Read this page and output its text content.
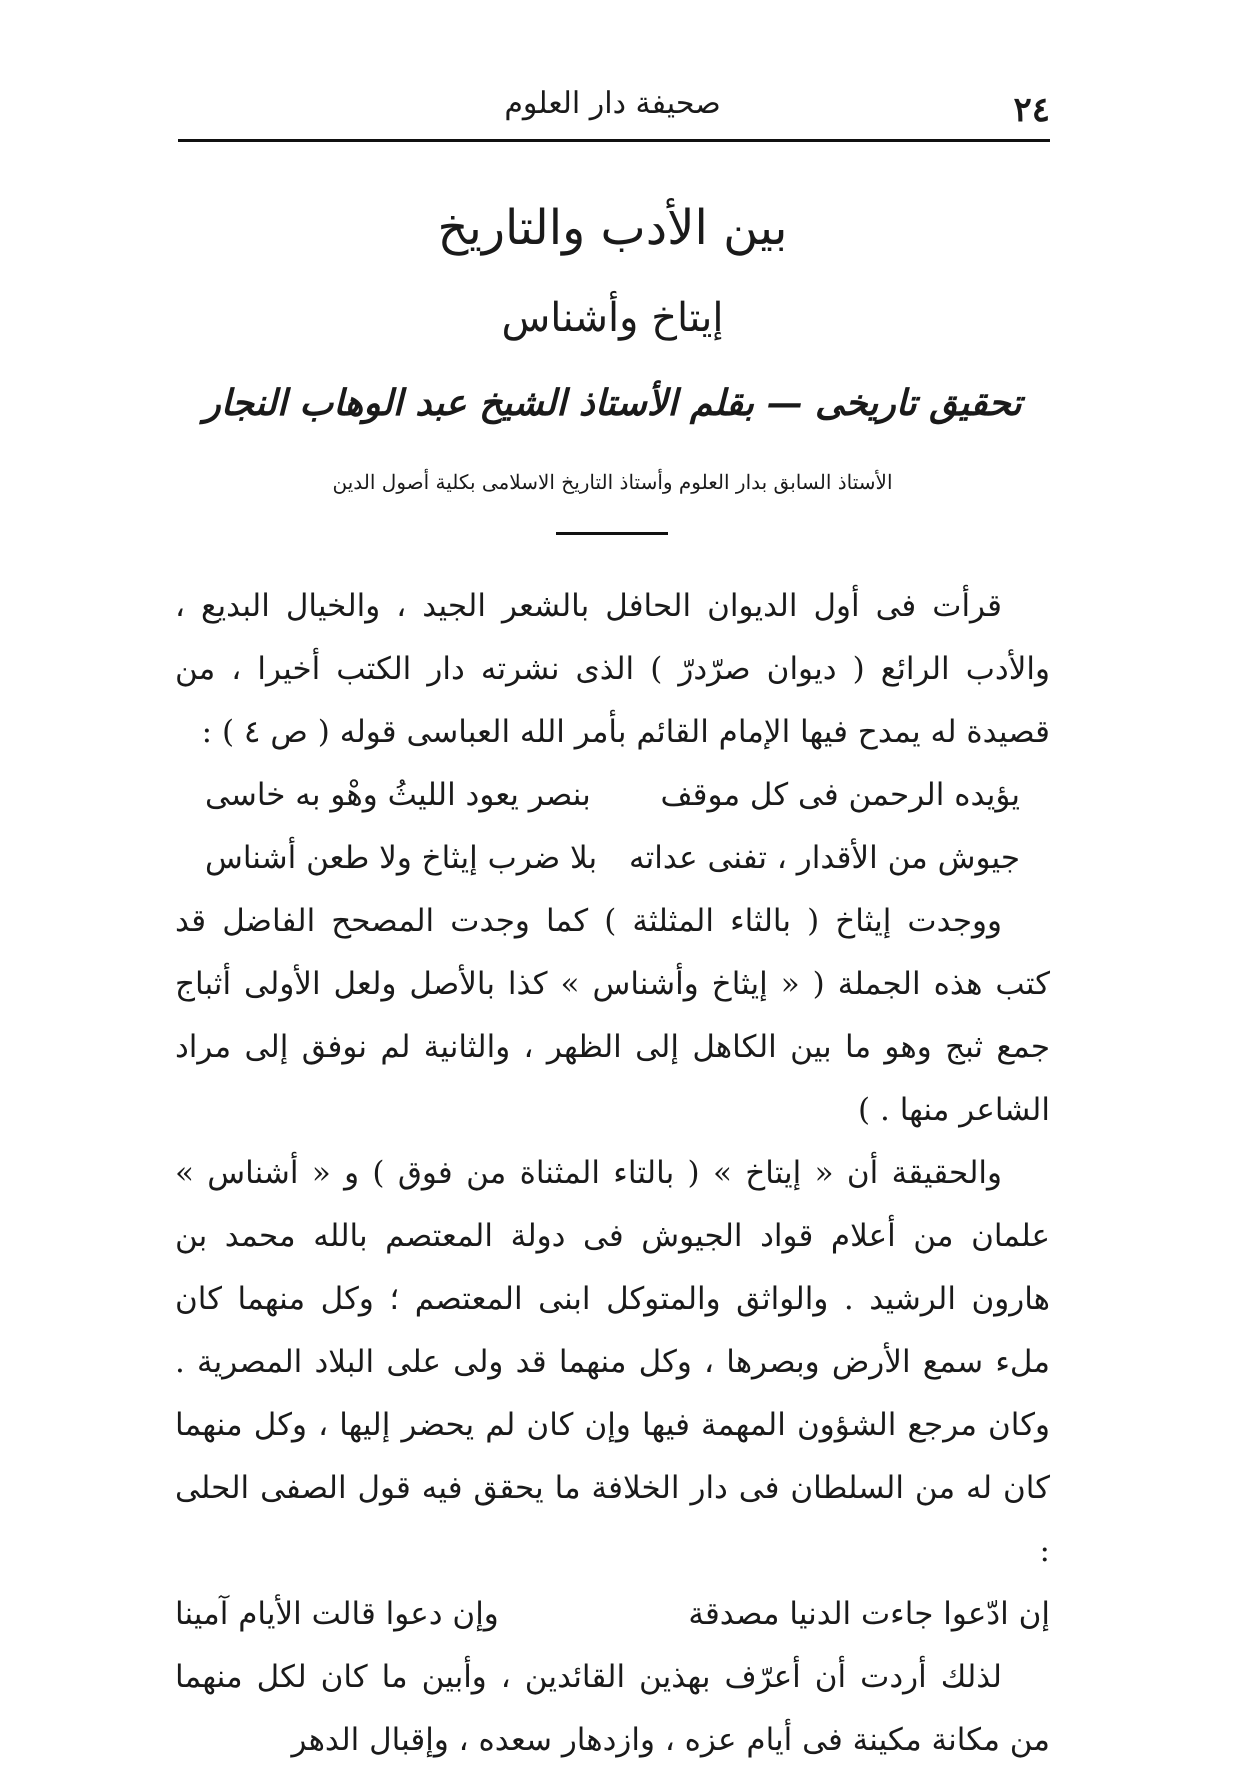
٢٤
صحيفة دار العلوم
بين الأدب والتاريخ
إيتاخ وأشناس
تحقيق تاريخى — بقلم الأستاذ الشيخ عبد الوهاب النجار
الأستاذ السابق بدار العلوم وأستاذ التاريخ الاسلامى بكلية أصول الدين

قرأت فى أول الديوان الحافل بالشعر الجيد ، والخيال البديع ، والأدب الرائع ( ديوان صرّدرّ ) الذى نشرته دار الكتب أخيرا ، من قصيدة له يمدح فيها الإمام القائم بأمر الله العباسى قوله ( ص ٤ ) :

يؤيده الرحمن فى كل موقف
بنصر يعود الليثُ وهْو به خاسى
جيوش من الأقدار ، تفنى عداته
بلا ضرب إيثاخ ولا طعن أشناس

ووجدت إيثاخ ( بالثاء المثلثة ) كما وجدت المصحح الفاضل قد كتب هذه الجملة ( « إيثاخ وأشناس » كذا بالأصل ولعل الأولى أثباج جمع ثبج وهو ما بين الكاهل إلى الظهر ، والثانية لم نوفق إلى مراد الشاعر منها . )

والحقيقة أن « إيتاخ » ( بالتاء المثناة من فوق ) و « أشناس » علمان من أعلام قواد الجيوش فى دولة المعتصم بالله محمد بن هارون الرشيد . والواثق والمتوكل ابنى المعتصم ؛ وكل منهما كان ملء سمع الأرض وبصرها ، وكل منهما قد ولى على البلاد المصرية . وكان مرجع الشؤون المهمة فيها وإن كان لم يحضر إليها ، وكل منهما كان له من السلطان فى دار الخلافة ما يحقق فيه قول الصفى الحلى :

إن ادّعوا جاءت الدنيا مصدقة
وإن دعوا قالت الأيام آمينا

لذلك أردت أن أعرّف بهذين القائدين ، وأبين ما كان لكل منهما من مكانة مكينة فى أيام عزه ، وازدهار سعده ، وإقبال الدهر
